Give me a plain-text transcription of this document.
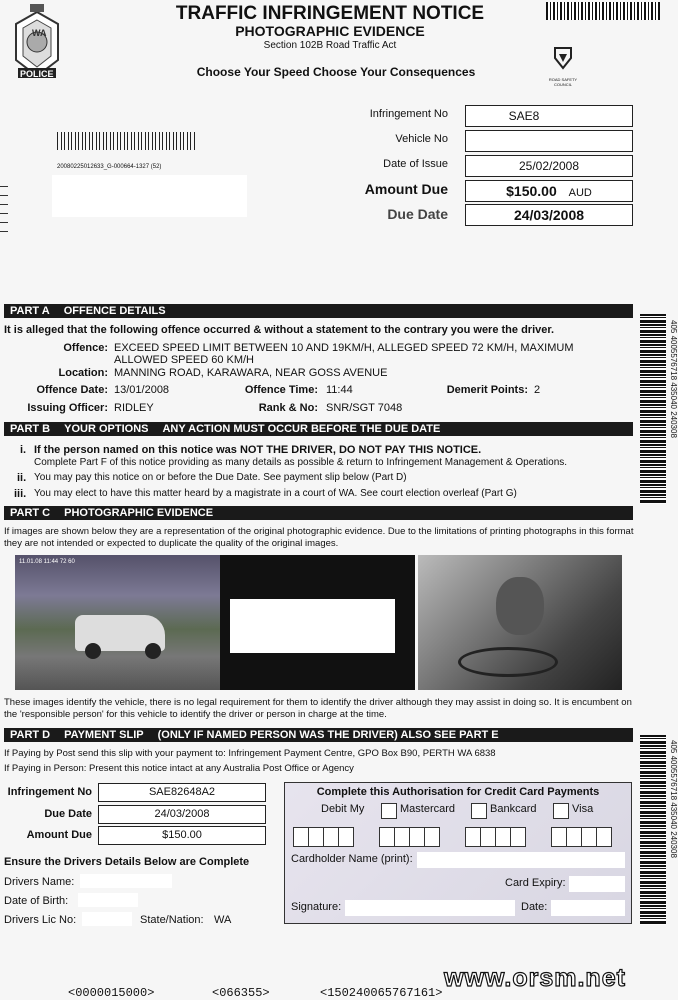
WA
POLICE
TRAFFIC INFRINGEMENT NOTICE
PHOTOGRAPHIC EVIDENCE
Section 102B Road Traffic Act
Choose Your Speed Choose Your Consequences
ROAD SAFETY COUNCIL
20080225012633_G-000664-1327 (52)
Infringement No	SAE8
Vehicle No
Date of Issue	25/02/2008
Amount Due	$150.00 AUD
Due Date	24/03/2008
405 4005576718 435040 240308
405 4005576718 435040 240308
PART A OFFENCE DETAILS
It is alleged that the following offence occurred & without a statement to the contrary you were the driver.
Offence: EXCEED SPEED LIMIT BETWEEN 10 AND 19KM/H, ALLEGED SPEED 72 KM/H, MAXIMUM
ALLOWED SPEED 60 KM/H
Location: MANNING ROAD, KARAWARA, NEAR GOSS AVENUE
Offence Date: 13/01/2008	Offence Time: 11:44	Demerit Points: 2
Issuing Officer: RIDLEY	Rank & No: SNR/SGT 7048
PART B YOUR OPTIONS ANY ACTION MUST OCCUR BEFORE THE DUE DATE
i. If the person named on this notice was NOT THE DRIVER, DO NOT PAY THIS NOTICE.
Complete Part F of this notice providing as many details as possible & return to Infringement Management & Operations.
ii. You may pay this notice on or before the Due Date. See payment slip below (Part D)
iii. You may elect to have this matter heard by a magistrate in a court of WA. See court election overleaf (Part G)
PART C PHOTOGRAPHIC EVIDENCE
If images are shown below they are a representation of the original photographic evidence. Due to the limitations of printing photographs in this format they are not intended or expected to duplicate the quality of the original images.
11.01.08 11:44 72 60
These images identify the vehicle, there is no legal requirement for them to identify the driver although they may assist in doing so. It is encumbent on the 'responsible person' for this vehicle to identify the driver or person in charge at the time.
PART D PAYMENT SLIP (ONLY IF NAMED PERSON WAS THE DRIVER) ALSO SEE PART E
If Paying by Post send this slip with your payment to: Infringement Payment Centre, GPO Box B90, PERTH WA 6838
If Paying in Person: Present this notice intact at any Australia Post Office or Agency
Infringement No	SAE82648A2
Due Date	24/03/2008
Amount Due	$150.00
Ensure the Drivers Details Below are Complete
Drivers Name:
Date of Birth:
Drivers Lic No:	State/Nation: WA
Complete this Authorisation for Credit Card Payments
Debit My	Mastercard	Bankcard	Visa
Cardholder Name (print):
Card Expiry:
Signature:	Date:
<0000015000>	<066355>	<150240065767161>
www.orsm.net
